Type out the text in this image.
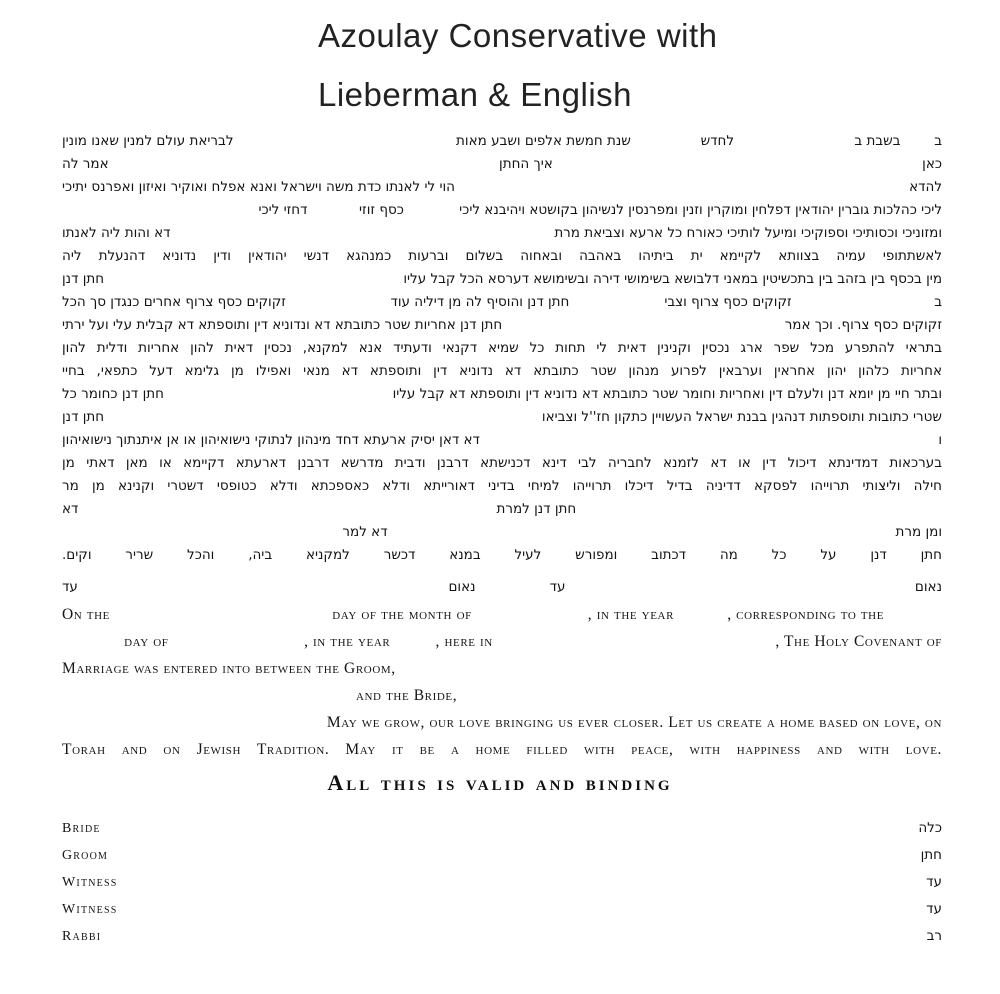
Azoulay Conservative with
Lieberman & English
ב
בשבת ב
לחדש
שנת חמשת אלפים ושבע מאות
לבריאת עולם למנין שאנו מונין
כאן
איך החתן
אמר לה
להדא
הוי לי לאנתו כדת משה וישראל ואנא אפלח ואוקיר ואיזון ואפרנס יתיכי
ליכי כהלכות גוברין יהודאין דפלחין ומוקרין וזנין ומפרנסין לנשיהון בקושטא ויהיבנא ליכי
כסף זוזי
דחזי ליכי
ומזוניכי וכסותיכי וספוקיכי ומיעל לותיכי כאורח כל ארעא וצביאת מרת
דא והות ליה לאנתו
לאשתתופי עמיה בצוותא לקיימא ית ביתיהו באהבה ובאחוה בשלום וברעות כמנהגא דנשי יהודאין ודין נדוניא דהנעלת ליה
מין בכסף בין בזהב בין בתכשיטין במאני דלבושא בשימושי דירה ובשימושא דערסא הכל קבל עליו
חתן דנן
ב
זקוקים כסף צרוף וצבי
חתן דנן והוסיף לה מן דיליה עוד
זקוקים כסף צרוף אחרים כנגדן סך הכל
זקוקים כסף צרוף. וכך אמר
חתן דנן אחריות שטר כתובתא דא ונדוניא דין ותוספתא דא קבלית עלי ועל ירתי
בתראי להתפרע מכל שפר ארג נכסין וקנינין דאית לי תחות כל שמיא דקנאי ודעתיד אנא למקנא, נכסין דאית להון אחריות ודלית להון
אחריות כלהון יהון אחראין וערבאין לפרוע מנהון שטר כתובתא דא נדוניא דין ותוספתא דא מנאי ואפילו מן גלימא דעל כתפאי, בחיי
ובתר חיי מן יומא דנן ולעלם דין ואחריות וחומר שטר כתובתא דא נדוניא דין ותוספתא דא קבל עליו
חתן דנן כחומר כל
שטרי כתובות ותוספתות דנהגין בבנת ישראל העשויין כתקון חז''ל וצביאו
חתן דנן
ו
דא דאן יסיק ארעתא דחד מינהון לנתוקי נישואיהון או אן איתנתוך נישואיהון
בערכאות דמדינתא דיכול דין או דא לזמנא לחבריה לבי דינא דכנישתא דרבנן ודבית מדרשא דרבנן דארעתא דקיימא או מאן דאתי מן
חילה וליצותי תרוייהו לפסקא דדיניה בדיל דיכלו תרוייהו למיחי בדיני דאורייתא ודלא כאספכתא ודלא כטופסי דשטרי וקנינא מן מר
חתן דנן למרת
דא
ומן מרת
דא למר
חתן דנן על כל מה דכתוב ומפורש לעיל במנא דכשר למקניא ביה, והכל שריר וקים.
נאום
עד
נאום
עד
On the	day of the month of	, in the year	, corresponding to the
day of	, in the year	, here in	, The Holy Covenant of
Marriage was entered into between the Groom,
and the Bride,
May we grow, our love bringing us ever closer. Let us create a home based on love, on
Torah and on Jewish Tradition. May it be a home filled with peace, with happiness and with love.
All this is valid and binding
Bride	כלה
Groom	חתן
Witness	עד
Witness	עד
Rabbi	רב
